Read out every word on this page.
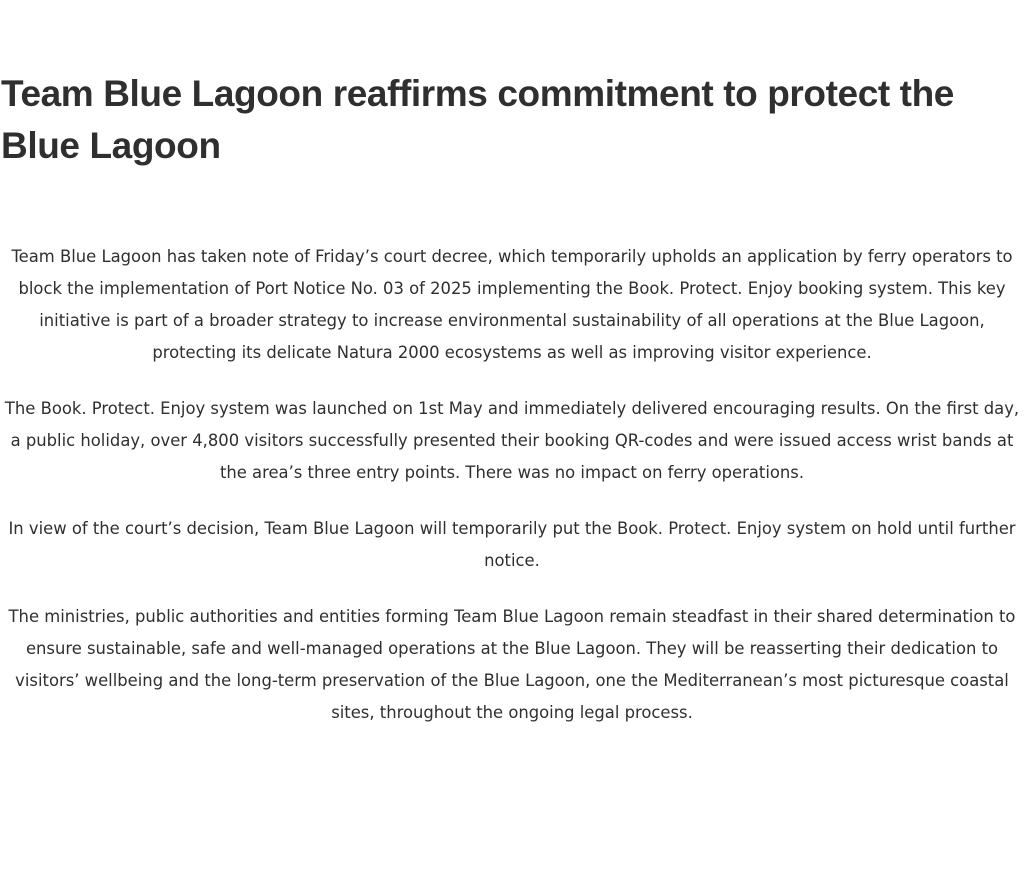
Team Blue Lagoon reaffirms commitment to protect the Blue Lagoon

Team Blue Lagoon has taken note of Friday’s court decree, which temporarily upholds an application by ferry operators to block the implementation of Port Notice No. 03 of 2025 implementing the Book. Protect. Enjoy booking system. This key initiative is part of a broader strategy to increase environmental sustainability of all operations at the Blue Lagoon, protecting its delicate Natura 2000 ecosystems as well as improving visitor experience.

The Book. Protect. Enjoy system was launched on 1st May and immediately delivered encouraging results. On the first day, a public holiday, over 4,800 visitors successfully presented their booking QR-codes and were issued access wrist bands at the area’s three entry points. There was no impact on ferry operations.

In view of the court’s decision, Team Blue Lagoon will temporarily put the Book. Protect. Enjoy system on hold until further notice.

The ministries, public authorities and entities forming Team Blue Lagoon remain steadfast in their shared determination to ensure sustainable, safe and well-managed operations at the Blue Lagoon. They will be reasserting their dedication to visitors’ wellbeing and the long-term preservation of the Blue Lagoon, one the Mediterranean’s most picturesque coastal sites, throughout the ongoing legal process.
